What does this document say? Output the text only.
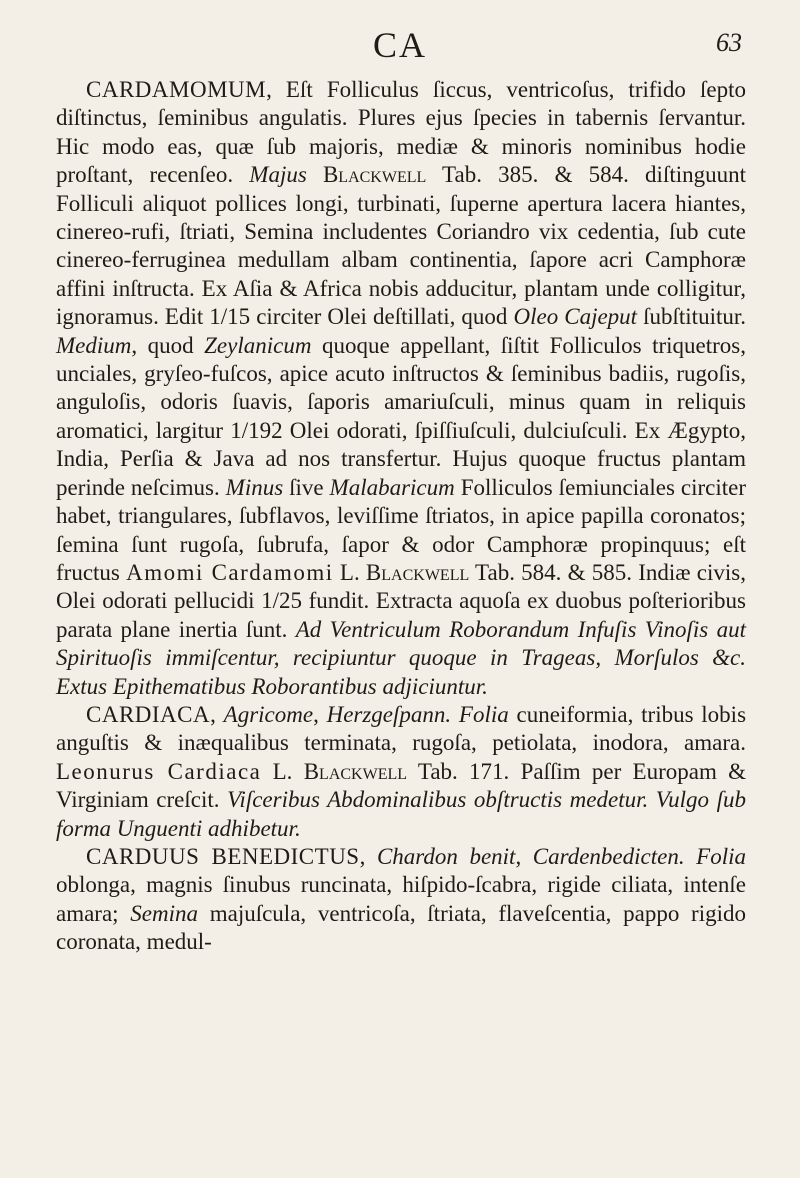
CA	63

CARDAMOMUM, Eſt Folliculus ſiccus, ventricoſus, trifido ſepto diſtinctus, ſeminibus angulatis. Plures ejus ſpecies in tabernis ſervantur. Hic modo eas, quæ ſub majoris, mediæ & minoris nominibus hodie proſtant, recenſeo. Majus Blackwell Tab. 385. & 584. diſtinguunt Folliculi aliquot pollices longi, turbinati, ſuperne apertura lacera hiantes, cinereo-rufi, ſtriati, Semina includentes Coriandro vix cedentia, ſub cute cinereo-ferruginea medullam albam continentia, ſapore acri Camphoræ affini inſtructa. Ex Aſia & Africa nobis adducitur, plantam unde colligitur, ignoramus. Edit 1/15 circiter Olei deſtillati, quod Oleo Cajeput ſubſtituitur. Medium, quod Zeylanicum quoque appellant, ſiſtit Folliculos triquetros, unciales, gryſeo-fuſcos, apice acuto inſtructos & ſeminibus badiis, rugoſis, anguloſis, odoris ſuavis, ſaporis amariuſculi, minus quam in reliquis aromatici, largitur 1/192 Olei odorati, ſpiſſiuſculi, dulciuſculi. Ex Ægypto, India, Perſia & Java ad nos transfertur. Hujus quoque fructus plantam perinde neſcimus. Minus ſive Malabaricum Folliculos ſemiunciales circiter habet, triangulares, ſubflavos, leviſſime ſtriatos, in apice papilla coronatos; ſemina ſunt rugoſa, ſubrufa, ſapor & odor Camphoræ propinquus; eſt fructus Amomi Cardamomi L. Blackwell Tab. 584. & 585. Indiæ civis, Olei odorati pellucidi 1/25 fundit. Extracta aquoſa ex duobus poſterioribus parata plane inertia ſunt. Ad Ventriculum Roborandum Infuſis Vinoſis aut Spirituoſis immiſcentur, recipiuntur quoque in Trageas, Morſulos &c. Extus Epithematibus Roborantibus adjiciuntur.

CARDIACA, Agricome, Herzgeſpann. Folia cuneiformia, tribus lobis anguſtis & inæqualibus terminata, rugoſa, petiolata, inodora, amara. Leonurus Cardiaca L. Blackwell Tab. 171. Paſſim per Europam & Virginiam creſcit. Viſceribus Abdominalibus obſtructis medetur. Vulgo ſub forma Unguenti adhibetur.

CARDUUS BENEDICTUS, Chardon benit, Cardenbedicten. Folia oblonga, magnis ſinubus runcinata, hiſpido-ſcabra, rigide ciliata, intenſe amara; Semina majuſcula, ventricoſa, ſtriata, flaveſcentia, pappo rigido coronata, medul-
